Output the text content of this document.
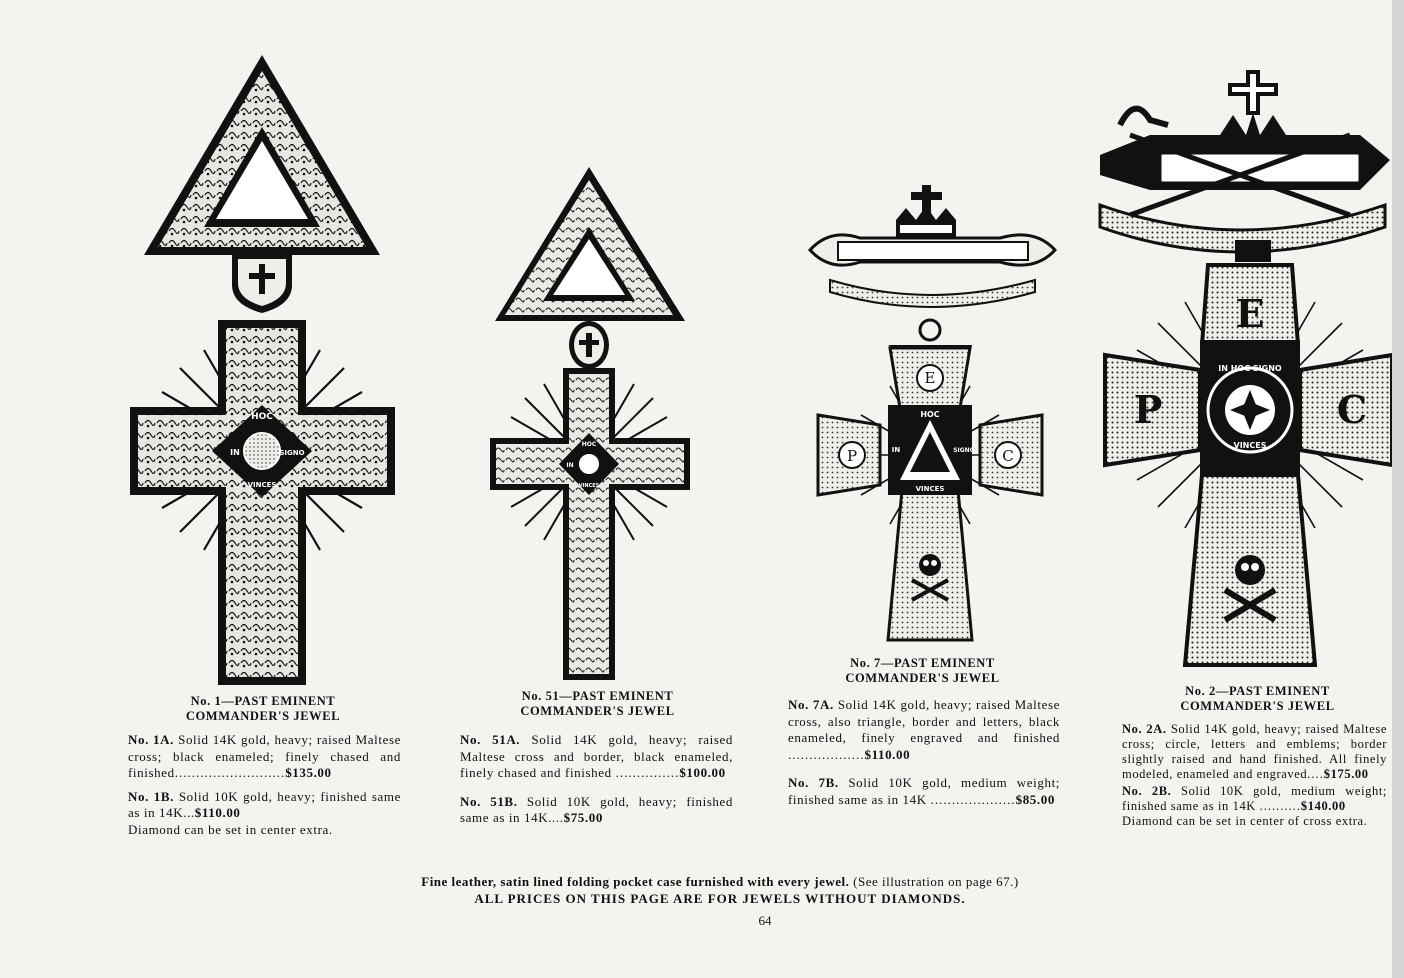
HOC
IN	SIGNO
VINCES
No. 1—PAST EMINENT
COMMANDER'S JEWEL

No. 1A. Solid 14K gold, heavy; raised Maltese cross; black enameled; finely chased and finished..........................$135.00

No. 1B. Solid 10K gold, heavy; finished same as in 14K...$110.00
Diamond can be set in center extra.

HOC
IN
VINCES
No. 51—PAST EMINENT
COMMANDER'S JEWEL

No. 51A. Solid 14K gold, heavy; raised Maltese cross and border, black enameled, finely chased and finished ...............$100.00

No. 51B. Solid 10K gold, heavy; finished same as in 14K....$75.00

E
P	C
HOC
IN	SIGNO
VINCES
No. 7—PAST EMINENT
COMMANDER'S JEWEL

No. 7A. Solid 14K gold, heavy; raised Maltese cross, also triangle, border and letters, black enameled, finely engraved and finished ..................$110.00

No. 7B. Solid 10K gold, medium weight; finished same as in 14K ....................$85.00

IN HOC SIGNO
VINCES
E
P	C
No. 2—PAST EMINENT
COMMANDER'S JEWEL

No. 2A. Solid 14K gold, heavy; raised Maltese cross; circle, letters and emblems; border slightly raised and hand finished. All finely modeled, enameled and engraved....$175.00

No. 2B. Solid 10K gold, medium weight; finished same as in 14K ..........$140.00
Diamond can be set in center of cross extra.

Fine leather, satin lined folding pocket case furnished with every jewel. (See illustration on page 67.)
ALL PRICES ON THIS PAGE ARE FOR JEWELS WITHOUT DIAMONDS.
64
